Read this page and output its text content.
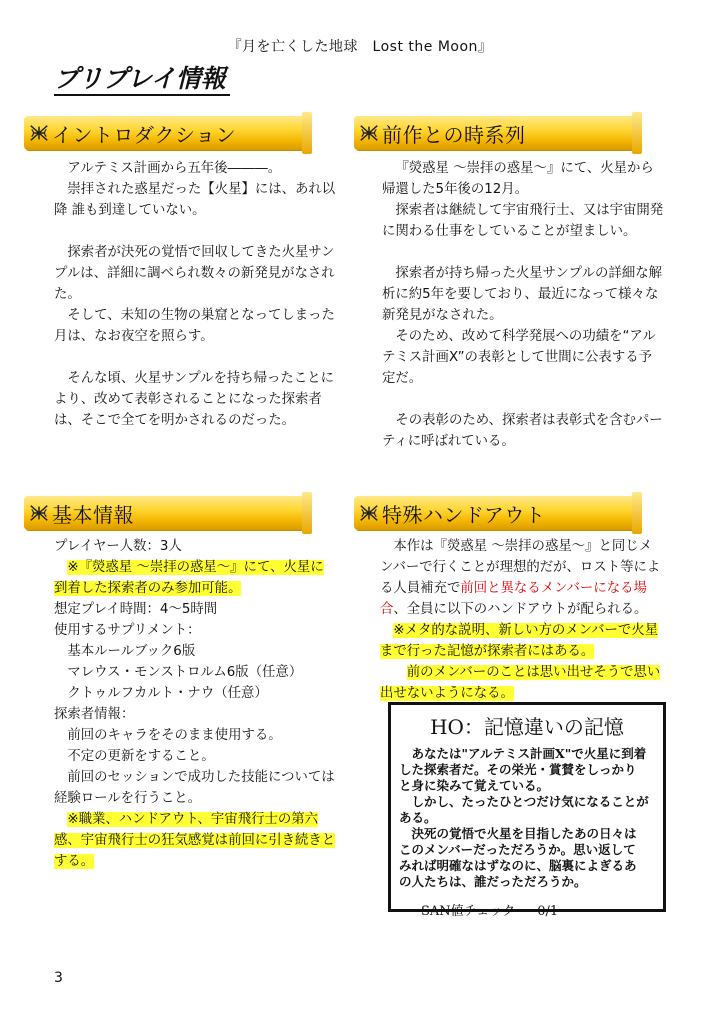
『月を亡くした地球　Lost the Moon』
プリプレイ情報
イントロダクション

アルテミス計画から五年後―――。

崇拝された惑星だった【火星】には、あれ以

降 誰も到達していない。

探索者が決死の覚悟で回収してきた火星サン

プルは、詳細に調べられ数々の新発見がなされ

た。

そして、未知の生物の巣窟となってしまった

月は、なお夜空を照らす。

そんな頃、火星サンプルを持ち帰ったことに

より、改めて表彰されることになった探索者

は、そこで全てを明かされるのだった。

前作との時系列

『熒惑星 ～崇拝の惑星～』にて、火星から

帰還した5年後の12月。

探索者は継続して宇宙飛行士、又は宇宙開発

に関わる仕事をしていることが望ましい。

探索者が持ち帰った火星サンプルの詳細な解

析に約5年を要しており、最近になって様々な

新発見がなされた。

そのため、改めて科学発展への功績を“アル

テミス計画X”の表彰として世間に公表する予

定だ。

その表彰のため、探索者は表彰式を含むパー

ティに呼ばれている。

基本情報

プレイヤー人数：3人

※『熒惑星 ～崇拝の惑星～』にて、火星に

到着した探索者のみ参加可能。

想定プレイ時間：4～5時間

使用するサプリメント：

基本ルールブック6版

マレウス・モンストロルム6版（任意）

クトゥルフカルト・ナウ（任意）

探索者情報：

前回のキャラをそのまま使用する。

不定の更新をすること。

前回のセッションで成功した技能については

経験ロールを行うこと。

※職業、ハンドアウト、宇宙飛行士の第六

感、宇宙飛行士の狂気感覚は前回に引き続きと

する。

特殊ハンドアウト

本作は『熒惑星 ～崇拝の惑星～』と同じメ

ンバーで行くことが理想的だが、ロスト等によ

る人員補充で前回と異なるメンバーになる場

合、全員に以下のハンドアウトが配られる。

※メタ的な説明、新しい方のメンバーで火星

まで行った記憶が探索者にはある。

前のメンバーのことは思い出せそうで思い

出せないようになる。

HO：記憶違いの記憶

あなたは"アルテミス計画X"で火星に到着

した探索者だ。その栄光・賞賛をしっかり

と身に染みて覚えている。

しかし、たったひとつだけ気になることが

ある。

決死の覚悟で火星を目指したあの日々は

このメンバーだっただろうか。思い返して

みれば明確なはずなのに、脳裏によぎるあ

の人たちは、誰だっただろうか。

SAN値チェック 0/1
3
